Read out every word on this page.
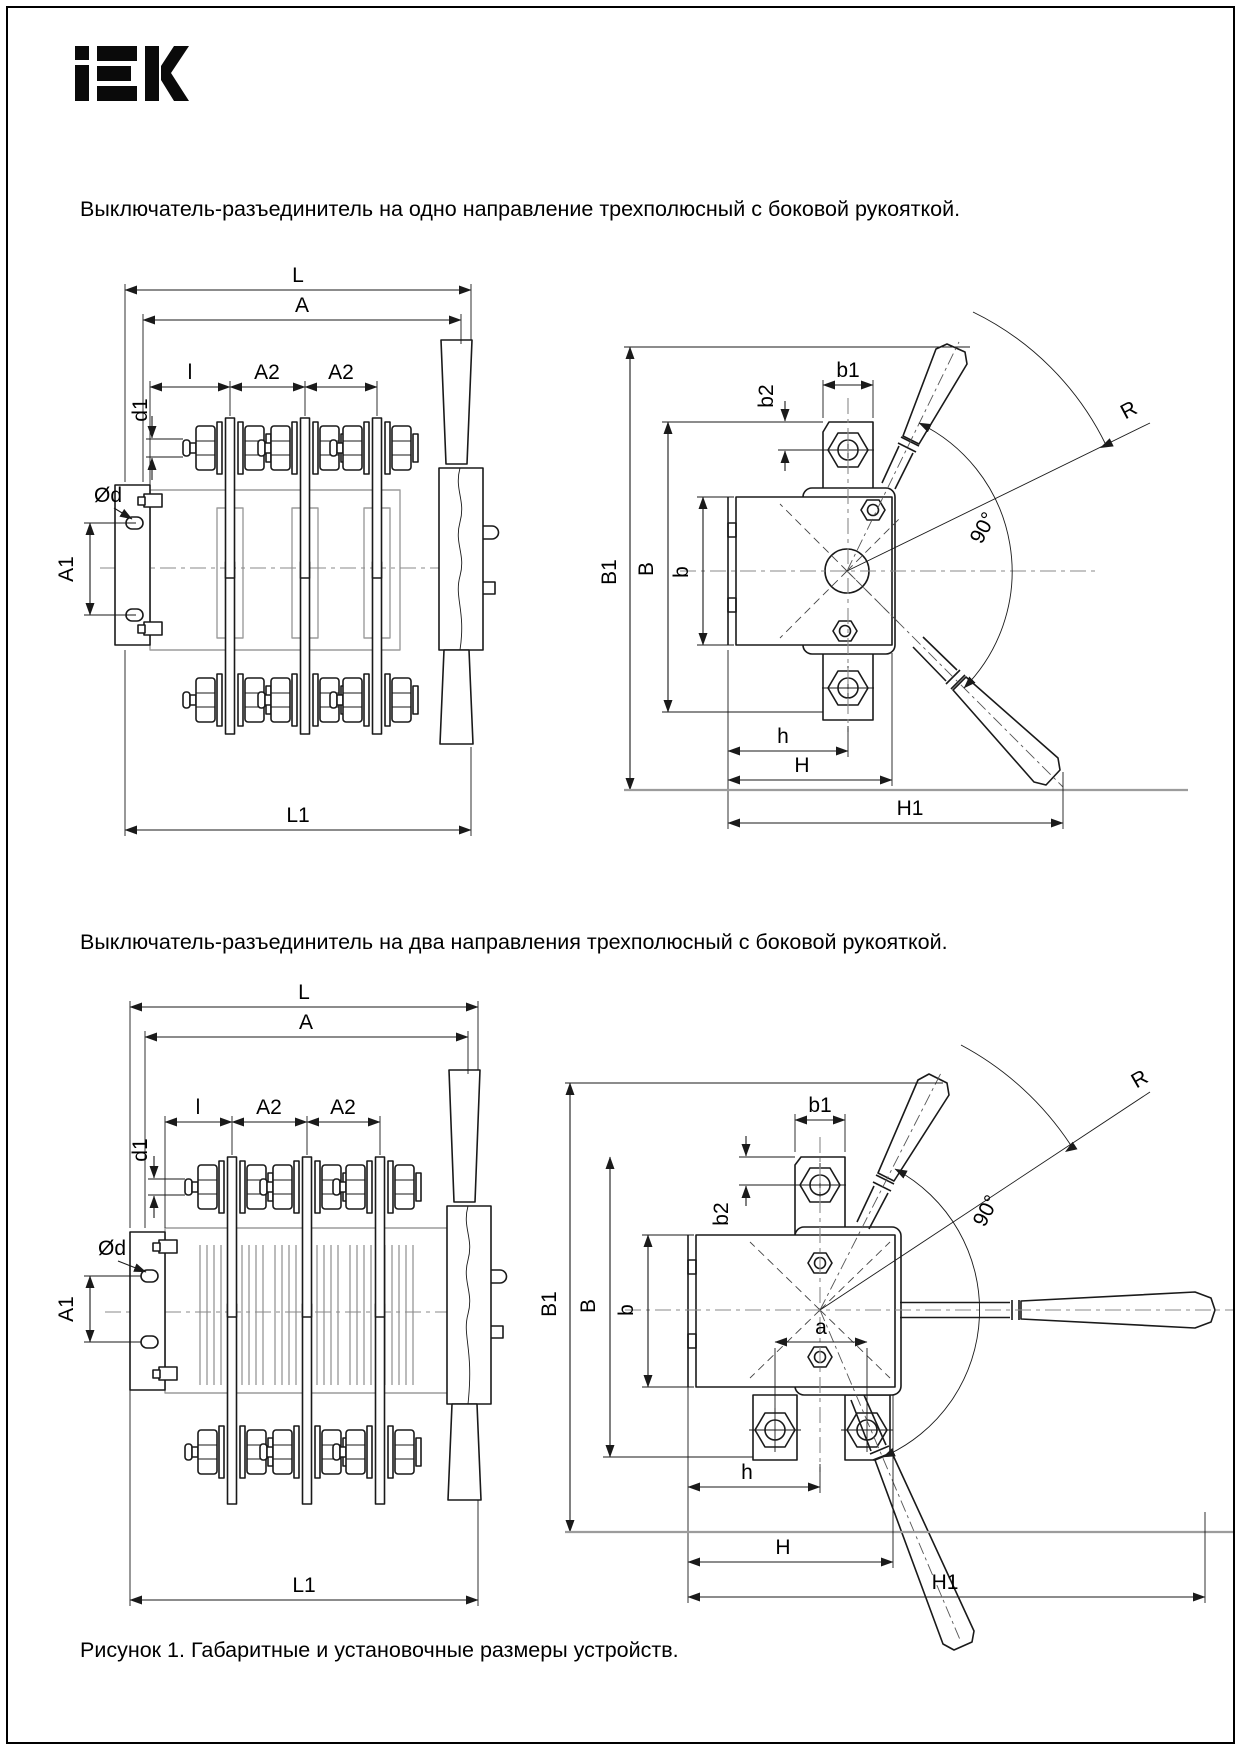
Выключатель-разъединитель на одно направление трехполюсный с боковой рукояткой.
Выключатель-разъединитель на два направления трехполюсный с боковой рукояткой.
L
A
l	A2 A2
d1
Ød
A1
L1
90°
R
b1
b2
B1 B b
h
H
H1
L
A
l	A2 A2
d1
Ød
A1
L1
90°
R
b1
b2
B1 B b
a
h
H
H1
Рисунок 1. Габаритные и установочные размеры устройств.
